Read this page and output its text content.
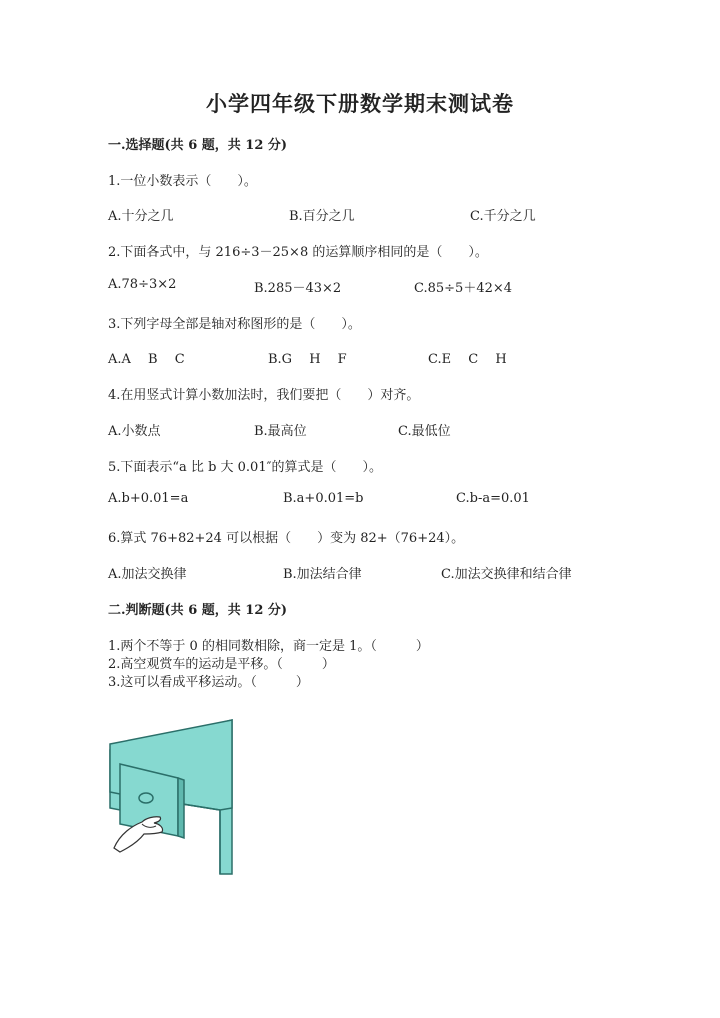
小学四年级下册数学期末测试卷
一.选择题(共 6 题，共 12 分)
1.一位小数表示（　　）。
A.十分之几	B.百分之几	C.千分之几
2.下面各式中，与 216÷3－25×8 的运算顺序相同的是（　　）。
A.78÷3×2	B.285－43×2	C.85÷5＋42×4
3.下列字母全部是轴对称图形的是（　　）。
A.A　 B　 C	B.G　 H　 F	C.E　 C　 H
4.在用竖式计算小数加法时，我们要把（　　）对齐。
A.小数点	B.最高位	C.最低位
5.下面表示“a 比 b 大 0.01″的算式是（　　）。
A.b+0.01=a	B.a+0.01=b	C.b-a=0.01
6.算式 76+82+24 可以根据（　　）变为 82+（76+24）。
A.加法交换律	B.加法结合律	C.加法交换律和结合律
二.判断题(共 6 题，共 12 分)
1.两个不等于 0 的相同数相除，商一定是 1。（　　　）
2.高空观赏车的运动是平移。（　　　）
3.这可以看成平移运动。（　　　）
